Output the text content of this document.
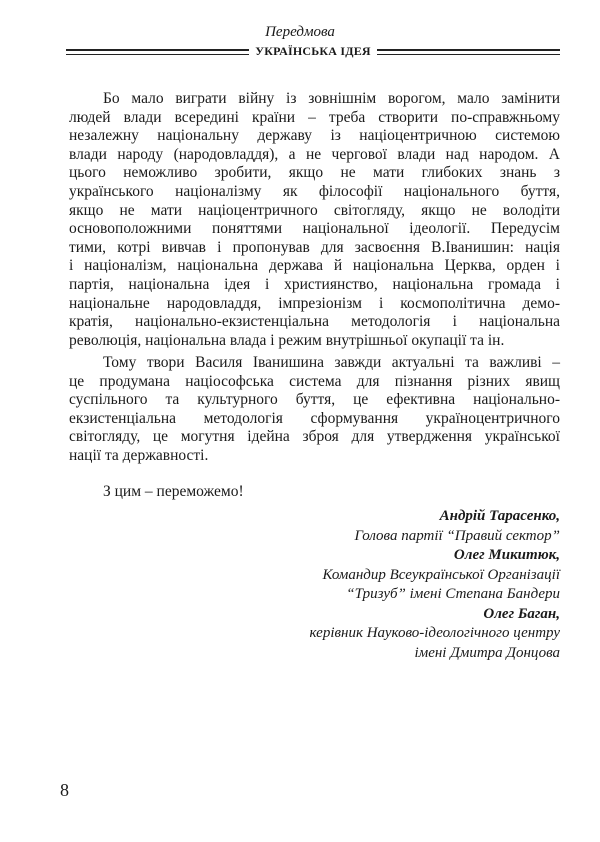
Передмова
УКРАЇНСЬКА ІДЕЯ
Бо мало виграти війну із зовнішнім ворогом, мало замінити
людей влади всередині країни – треба створити по-справжньому
незалежну національну державу із націоцентричною системою
влади народу (народовладдя), а не чергової влади над народом. А
цього неможливо зробити, якщо не мати глибоких знань з
українського націоналізму як філософії національного буття,
якщо не мати націоцентричного світогляду, якщо не володіти
основоположними поняттями національної ідеології. Передусім
тими, котрі вивчав і пропонував для засвоєння В.Іванишин: нація
і націоналізм, національна держава й національна Церква, орден і
партія, національна ідея і християнство, національна громада і
національне народовладдя, імпрезіонізм і космополітична демо-
кратія, національно-екзистенціальна методологія і національна
революція, національна влада і режим внутрішньої окупації та ін.
Тому твори Василя Іванишина завжди актуальні та важливі –
це продумана націософська система для пізнання різних явищ
суспільного та культурного буття, це ефективна національно-
екзистенціальна методологія сформування україноцентричного
світогляду, це могутня ідейна зброя для утвердження української
нації та державності.
З цим – переможемо!
Андрій Тарасенко,
Голова партії “Правий сектор”
Олег Микитюк,
Командир Всеукраїнської Організації
“Тризуб” імені Степана Бандери
Олег Баган,
керівник Науково-ідеологічного центру
імені Дмитра Донцова
8
